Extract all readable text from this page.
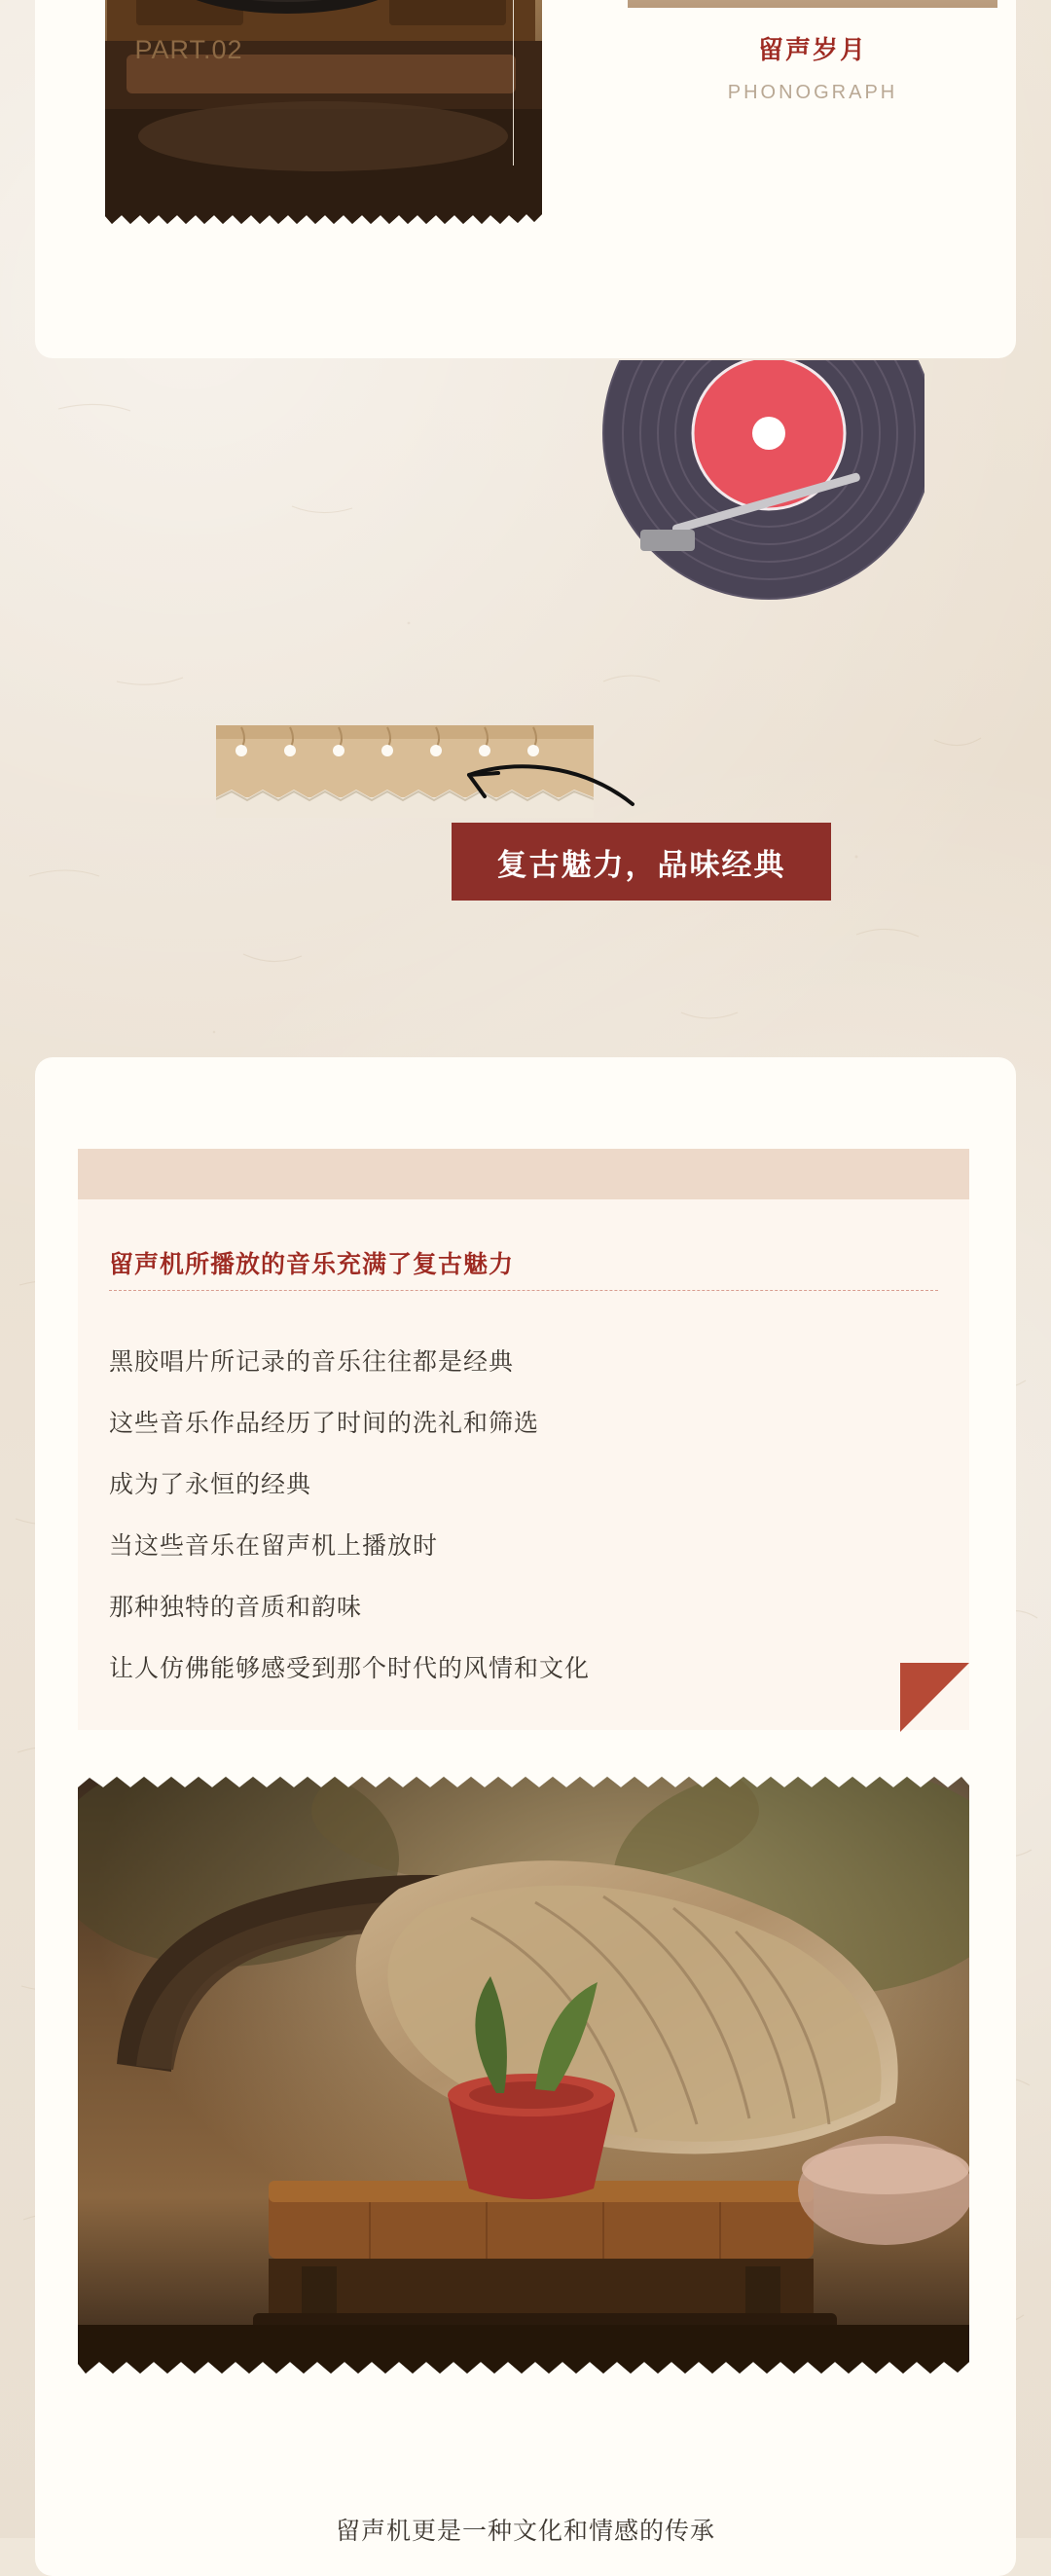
留声岁月
PHONOGRAPH
PART.02
复古魅力，品味经典
留声机所播放的音乐充满了复古魅力
黑胶唱片所记录的音乐往往都是经典
这些音乐作品经历了时间的洗礼和筛选
成为了永恒的经典
当这些音乐在留声机上播放时
那种独特的音质和韵味
让人仿佛能够感受到那个时代的风情和文化
留声机更是一种文化和情感的传承
